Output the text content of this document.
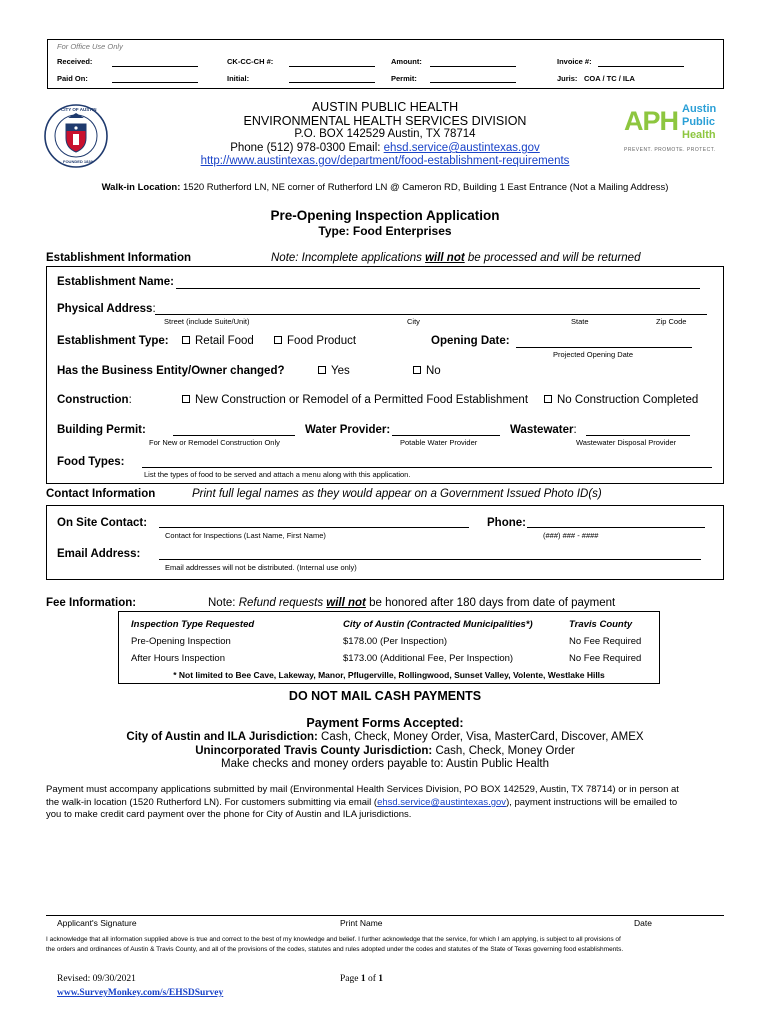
For Office Use Only
Received:	CK-CC-CH #:	Amount:	Invoice #:
Paid On:	Initial:	Permit:	Juris: COA / TC / ILA
CITY OF AUSTIN
FOUNDED 1839
AUSTIN PUBLIC HEALTH
ENVIRONMENTAL HEALTH SERVICES DIVISION
P.O. BOX 142529 Austin, TX 78714
Phone (512) 978-0300 Email: ehsd.service@austintexas.gov
http://www.austintexas.gov/department/food-establishment-requirements
APH Austin
Public
Health
PREVENT. PROMOTE. PROTECT.
Walk-in Location: 1520 Rutherford LN, NE corner of Rutherford LN @ Cameron RD, Building 1 East Entrance (Not a Mailing Address)
Pre-Opening Inspection Application
Type: Food Enterprises
Establishment Information	Note: Incomplete applications will not be processed and will be returned
Establishment Name:
Physical Address:
Street (include Suite/Unit)	City	State	Zip Code
Establishment Type:	Retail Food	Food Product	Opening Date:
Projected Opening Date
Has the Business Entity/Owner changed?	Yes	No
Construction:	New Construction or Remodel of a Permitted Food Establishment	No Construction Completed
Building Permit:
For New or Remodel Construction Only
Water Provider:
Potable Water Provider
Wastewater:
Wastewater Disposal Provider
Food Types:
List the types of food to be served and attach a menu along with this application.
Contact Information	Print full legal names as they would appear on a Government Issued Photo ID(s)
On Site Contact:
Contact for Inspections (Last Name, First Name)
Phone:
(###) ### - ####
Email Address:
Email addresses will not be distributed. (Internal use only)
Fee Information:	Note: Refund requests will not be honored after 180 days from date of payment
Inspection Type Requested	City of Austin (Contracted Municipalities*)	Travis County
Pre-Opening Inspection	$178.00 (Per Inspection)	No Fee Required
After Hours Inspection	$173.00 (Additional Fee, Per Inspection)	No Fee Required
* Not limited to Bee Cave, Lakeway, Manor, Pflugerville, Rollingwood, Sunset Valley, Volente, Westlake Hills
DO NOT MAIL CASH PAYMENTS
Payment Forms Accepted:
City of Austin and ILA Jurisdiction: Cash, Check, Money Order, Visa, MasterCard, Discover, AMEX
Unincorporated Travis County Jurisdiction: Cash, Check, Money Order
Make checks and money orders payable to: Austin Public Health
Payment must accompany applications submitted by mail (Environmental Health Services Division, PO BOX 142529, Austin, TX 78714) or in person at
the walk-in location (1520 Rutherford LN). For customers submitting via email (ehsd.service@austintexas.gov), payment instructions will be emailed to
you to make credit card payment over the phone for City of Austin and ILA jurisdictions.
Applicant's Signature	Print Name	Date
I acknowledge that all information supplied above is true and correct to the best of my knowledge and belief. I further acknowledge that the service, for which I am applying, is subject to all provisions of
the orders and ordinances of Austin & Travis County, and all of the provisions of the codes, statutes and rules adopted under the codes and statutes of the State of Texas governing food establishments.
Revised: 09/30/2021	Page 1 of 1
www.SurveyMonkey.com/s/EHSDSurvey
